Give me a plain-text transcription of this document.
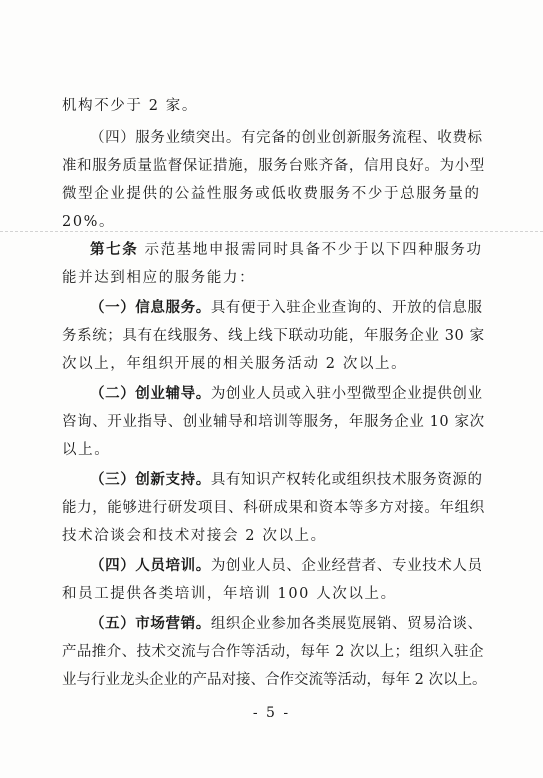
机构不少于 2 家。
（四）服务业绩突出。有完备的创业创新服务流程、收费标
准和服务质量监督保证措施，服务台账齐备，信用良好。为小型
微型企业提供的公益性服务或低收费服务不少于总服务量的
20%。
第七条 示范基地申报需同时具备不少于以下四种服务功
能并达到相应的服务能力：
（一）信息服务。具有便于入驻企业查询的、开放的信息服
务系统；具有在线服务、线上线下联动功能，年服务企业 30 家
次以上，年组织开展的相关服务活动 2 次以上。
（二）创业辅导。为创业人员或入驻小型微型企业提供创业
咨询、开业指导、创业辅导和培训等服务，年服务企业 10 家次
以上。
（三）创新支持。具有知识产权转化或组织技术服务资源的
能力，能够进行研发项目、科研成果和资本等多方对接。年组织
技术洽谈会和技术对接会 2 次以上。
（四）人员培训。为创业人员、企业经营者、专业技术人员
和员工提供各类培训，年培训 100 人次以上。
（五）市场营销。组织企业参加各类展览展销、贸易洽谈、
产品推介、技术交流与合作等活动，每年 2 次以上；组织入驻企
业与行业龙头企业的产品对接、合作交流等活动，每年 2 次以上。
- 5 -
